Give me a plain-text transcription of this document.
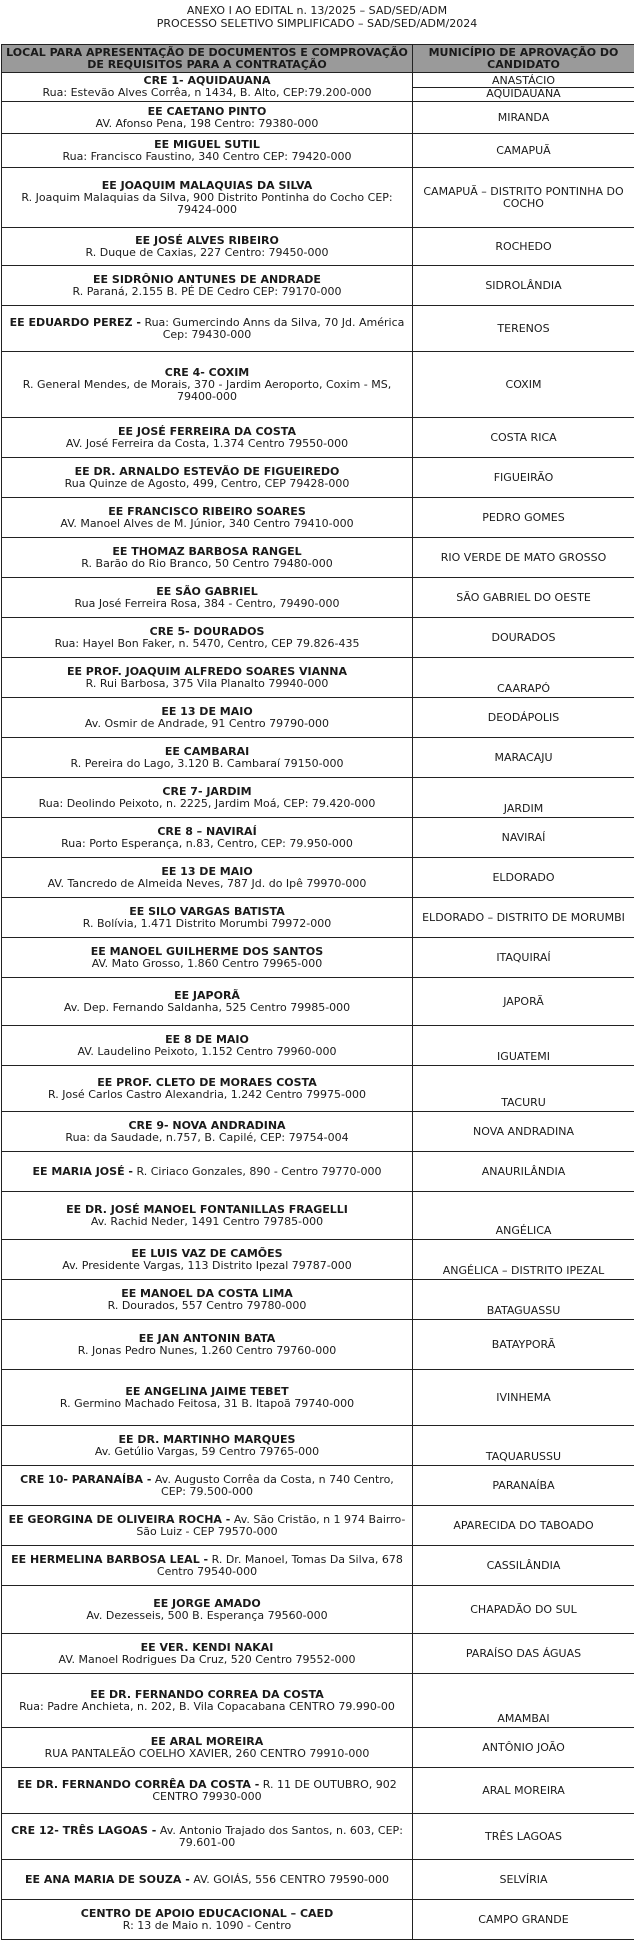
ANEXO I AO EDITAL n. 13/2025 – SAD/SED/ADM
PROCESSO SELETIVO SIMPLIFICADO – SAD/SED/ADM/2024
LOCAL PARA APRESENTAÇÃO DE DOCUMENTOS E COMPROVAÇÃO DE REQUISITOS PARA A CONTRATAÇÃO	MUNICÍPIO DE APROVAÇÃO DO CANDIDATO
CRE 1- AQUIDAUANA
Rua: Estevão Alves Corrêa, n 1434, B. Alto, CEP:79.200-000	ANASTÁCIO
AQUIDAUANA

EE CAETANO PINTO
AV. Afonso Pena, 198 Centro: 79380-000	MIRANDA
EE MIGUEL SUTIL
Rua: Francisco Faustino, 340 Centro CEP: 79420-000	CAMAPUÃ
EE JOAQUIM MALAQUIAS DA SILVA
R. Joaquim Malaquias da Silva, 900 Distrito Pontinha do Cocho CEP: 79424-000	CAMAPUÃ – DISTRITO PONTINHA DO COCHO
EE JOSÉ ALVES RIBEIRO
R. Duque de Caxias, 227 Centro: 79450-000	ROCHEDO
EE SIDRÔNIO ANTUNES DE ANDRADE
R. Paraná, 2.155 B. PÉ DE Cedro CEP: 79170-000	SIDROLÂNDIA
EE EDUARDO PEREZ - Rua: Gumercindo Anns da Silva, 70 Jd. América Cep: 79430-000	TERENOS
CRE 4- COXIM
R. General Mendes, de Morais, 370 - Jardim Aeroporto, Coxim - MS, 79400-000	COXIM
EE JOSÉ FERREIRA DA COSTA
AV. José Ferreira da Costa, 1.374 Centro 79550-000	COSTA RICA
EE DR. ARNALDO ESTEVÃO DE FIGUEIREDO
Rua Quinze de Agosto, 499, Centro, CEP 79428-000	FIGUEIRÃO
EE FRANCISCO RIBEIRO SOARES
AV. Manoel Alves de M. Júnior, 340 Centro 79410-000	PEDRO GOMES
EE THOMAZ BARBOSA RANGEL
R. Barão do Rio Branco, 50 Centro 79480-000	RIO VERDE DE MATO GROSSO
EE SÃO GABRIEL
Rua José Ferreira Rosa, 384 - Centro, 79490-000	SÃO GABRIEL DO OESTE
CRE 5- DOURADOS
Rua: Hayel Bon Faker, n. 5470, Centro, CEP 79.826-435	DOURADOS
EE PROF. JOAQUIM ALFREDO SOARES VIANNA
R. Rui Barbosa, 375 Vila Planalto 79940-000	CAARAPÓ
EE 13 DE MAIO
Av. Osmir de Andrade, 91 Centro 79790-000	DEODÁPOLIS
EE CAMBARAI
R. Pereira do Lago, 3.120 B. Cambaraí 79150-000	MARACAJU
CRE 7- JARDIM
Rua: Deolindo Peixoto, n. 2225, Jardim Moá, CEP: 79.420-000	JARDIM
CRE 8 – NAVIRAÍ
Rua: Porto Esperança, n.83, Centro, CEP: 79.950-000	NAVIRAÍ
EE 13 DE MAIO
AV. Tancredo de Almeida Neves, 787 Jd. do Ipê 79970-000	ELDORADO
EE SILO VARGAS BATISTA
R. Bolívia, 1.471 Distrito Morumbi 79972-000	ELDORADO – DISTRITO DE MORUMBI
EE MANOEL GUILHERME DOS SANTOS
AV. Mato Grosso, 1.860 Centro 79965-000	ITAQUIRAÍ
EE JAPORÃ
Av. Dep. Fernando Saldanha, 525 Centro 79985-000	JAPORÃ
EE 8 DE MAIO
AV. Laudelino Peixoto, 1.152 Centro 79960-000	IGUATEMI
EE PROF. CLETO DE MORAES COSTA
R. José Carlos Castro Alexandria, 1.242 Centro 79975-000	TACURU
CRE 9- NOVA ANDRADINA
Rua: da Saudade, n.757, B. Capilé, CEP: 79754-004	NOVA ANDRADINA
EE MARIA JOSÉ - R. Ciriaco Gonzales, 890 - Centro 79770-000	ANAURILÂNDIA
EE DR. JOSÉ MANOEL FONTANILLAS FRAGELLI
Av. Rachid Neder, 1491 Centro 79785-000	ANGÉLICA
EE LUIS VAZ DE CAMÕES
Av. Presidente Vargas, 113 Distrito Ipezal 79787-000	ANGÉLICA – DISTRITO IPEZAL
EE MANOEL DA COSTA LIMA
R. Dourados, 557 Centro 79780-000	BATAGUASSU
EE JAN ANTONIN BATA
R. Jonas Pedro Nunes, 1.260 Centro 79760-000	BATAYPORÃ
EE ANGELINA JAIME TEBET
R. Germino Machado Feitosa, 31 B. Itapoã 79740-000	IVINHEMA
EE DR. MARTINHO MARQUES
Av. Getúlio Vargas, 59 Centro 79765-000	TAQUARUSSU
CRE 10- PARANAÍBA - Av. Augusto Corrêa da Costa, n 740 Centro, CEP: 79.500-000	PARANAÍBA
EE GEORGINA DE OLIVEIRA ROCHA - Av. São Cristão, n 1 974 Bairro- São Luiz - CEP 79570-000	APARECIDA DO TABOADO
EE HERMELINA BARBOSA LEAL - R. Dr. Manoel, Tomas Da Silva, 678 Centro 79540-000	CASSILÂNDIA
EE JORGE AMADO
Av. Dezesseis, 500 B. Esperança 79560-000	CHAPADÃO DO SUL
EE VER. KENDI NAKAI
AV. Manoel Rodrigues Da Cruz, 520 Centro 79552-000	PARAÍSO DAS ÁGUAS
EE DR. FERNANDO CORREA DA COSTA
Rua: Padre Anchieta, n. 202, B. Vila Copacabana CENTRO 79.990-00	AMAMBAI
EE ARAL MOREIRA
RUA PANTALEÃO COELHO XAVIER, 260 CENTRO 79910-000	ANTÔNIO JOÃO
EE DR. FERNANDO CORRÊA DA COSTA - R. 11 DE OUTUBRO, 902 CENTRO 79930-000	ARAL MOREIRA
CRE 12- TRÊS LAGOAS - Av. Antonio Trajado dos Santos, n. 603, CEP: 79.601-00	TRÊS LAGOAS
EE ANA MARIA DE SOUZA - AV. GOIÁS, 556 CENTRO 79590-000	SELVÍRIA
CENTRO DE APOIO EDUCACIONAL – CAED
R: 13 de Maio n. 1090 - Centro	CAMPO GRANDE
